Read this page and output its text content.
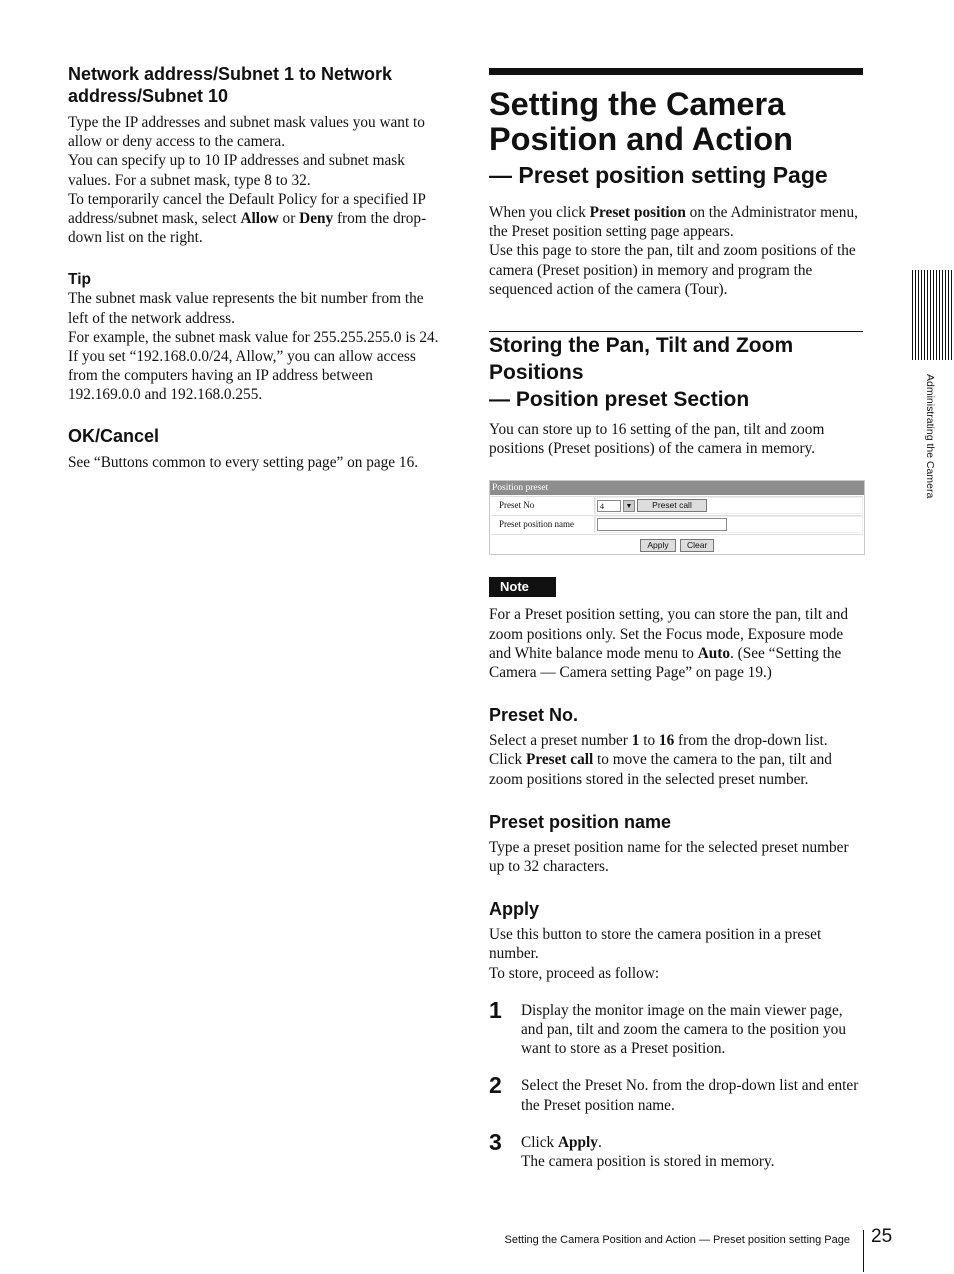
Network address/Subnet 1 to Network address/Subnet 10

Type the IP addresses and subnet mask values you want to allow or deny access to the camera.
You can specify up to 10 IP addresses and subnet mask values. For a subnet mask, type 8 to 32.
To temporarily cancel the Default Policy for a specified IP address/subnet mask, select Allow or Deny from the drop-down list on the right.

Tip

The subnet mask value represents the bit number from the left of the network address.
For example, the subnet mask value for 255.255.255.0 is 24.
If you set “192.168.0.0/24, Allow,” you can allow access from the computers having an IP address between 192.169.0.0 and 192.168.0.255.

OK/Cancel

See “Buttons common to every setting page” on page 16.

Setting the Camera Position and Action
— Preset position setting Page

When you click Preset position on the Administrator menu, the Preset position setting page appears.
Use this page to store the pan, tilt and zoom positions of the camera (Preset position) in memory and program the sequenced action of the camera (Tour).

Storing the Pan, Tilt and Zoom Positions
— Position preset Section

You can store up to 16 setting of the pan, tilt and zoom positions (Preset positions) of the camera in memory.

Position preset
Preset No	4	▼	Preset call
Preset position name
Apply	Clear
Note

For a Preset position setting, you can store the pan, tilt and zoom positions only. Set the Focus mode, Exposure mode and White balance mode menu to Auto. (See “Setting the Camera — Camera setting Page” on page 19.)

Preset No.

Select a preset number 1 to 16 from the drop-down list. Click Preset call to move the camera to the pan, tilt and zoom positions stored in the selected preset number.

Preset position name

Type a preset position name for the selected preset number up to 32 characters.

Apply

Use this button to store the camera position in a preset number.
To store, proceed as follow:

1 Display the monitor image on the main viewer page, and pan, tilt and zoom the camera to the position you want to store as a Preset position.

2 Select the Preset No. from the drop-down list and enter the Preset position name.

3 Click Apply.
The camera position is stored in memory.

Administrating the Camera
Setting the Camera Position and Action — Preset position setting Page 25
